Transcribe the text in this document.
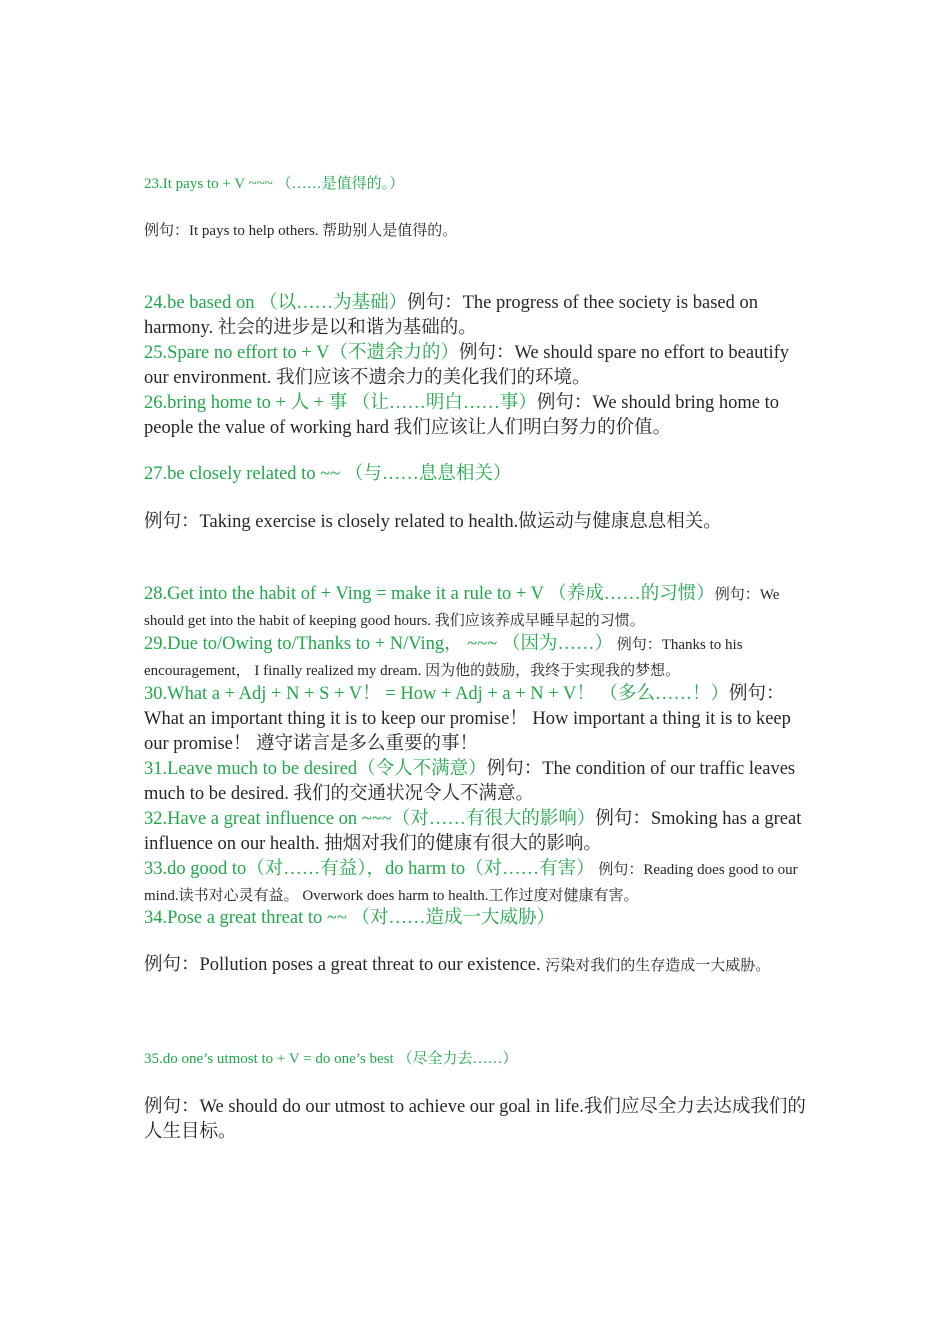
23.It pays to + V ~~~ （……是值得的。）

例句：It pays to help others. 帮助别人是值得的。

24.be based on （以……为基础）例句：The progress of thee society is based on harmony. 社会的进步是以和谐为基础的。

25.Spare no effort to + V（不遗余力的）例句：We should spare no effort to beautify our environment. 我们应该不遗余力的美化我们的环境。

26.bring home to + 人 + 事 （让……明白……事）例句：We should bring home to people the value of working hard 我们应该让人们明白努力的价值。

27.be closely related to ~~ （与……息息相关）

例句：Taking exercise is closely related to health.做运动与健康息息相关。

28.Get into the habit of + Ving = make it a rule to + V （养成……的习惯）例句：We should get into the habit of keeping good hours. 我们应该养成早睡早起的习惯。

29.Due to/Owing to/Thanks to + N/Ving， ~~~ （因为……） 例句：Thanks to his encouragement， I finally realized my dream. 因为他的鼓励，我终于实现我的梦想。

30.What a + Adj + N + S + V！ = How + Adj + a + N + V！ （多么……！）例句：What an important thing it is to keep our promise！ How important a thing it is to keep our promise！ 遵守诺言是多么重要的事！

31.Leave much to be desired（令人不满意）例句：The condition of our traffic leaves much to be desired. 我们的交通状况令人不满意。

32.Have a great influence on ~~~（对……有很大的影响）例句：Smoking has a great influence on our health. 抽烟对我们的健康有很大的影响。

33.do good to（对……有益），do harm to（对……有害） 例句：Reading does good to our mind.读书对心灵有益。 Overwork does harm to health.工作过度对健康有害。

34.Pose a great threat to ~~ （对……造成一大威胁）

例句：Pollution poses a great threat to our existence. 污染对我们的生存造成一大威胁。

35.do one’s utmost to + V = do one’s best （尽全力去……）

例句：We should do our utmost to achieve our goal in life.我们应尽全力去达成我们的人生目标。
